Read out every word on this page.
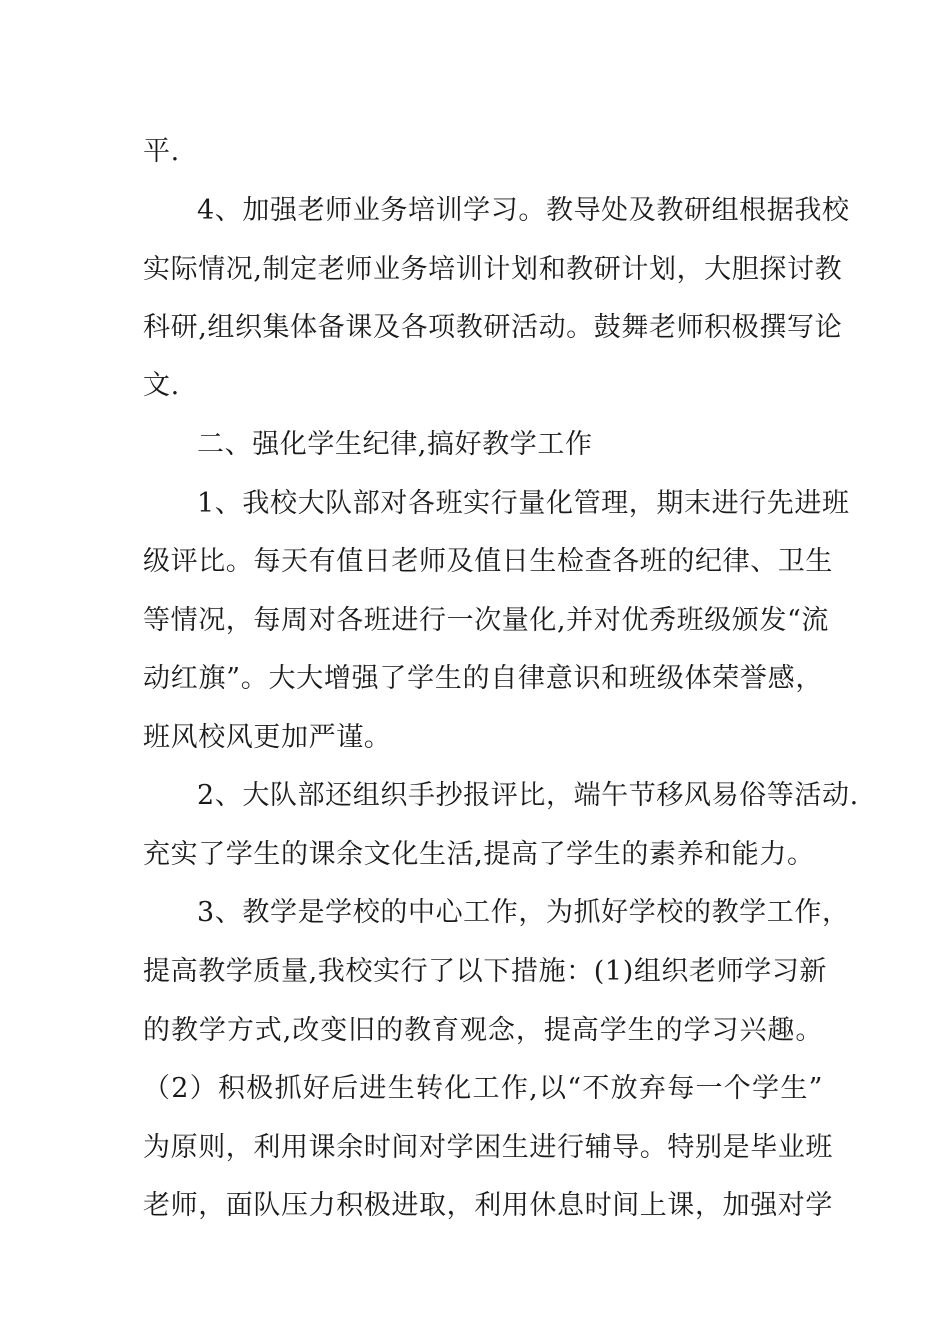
平.
4、加强老师业务培训学习。教导处及教研组根据我校
实际情况,制定老师业务培训计划和教研计划，大胆探讨教
科研,组织集体备课及各项教研活动。鼓舞老师积极撰写论
文.
二、强化学生纪律,搞好教学工作
1、我校大队部对各班实行量化管理，期末进行先进班
级评比。每天有值日老师及值日生检查各班的纪律、卫生
等情况，每周对各班进行一次量化,并对优秀班级颁发“流
动红旗”。大大增强了学生的自律意识和班级体荣誉感，
班风校风更加严谨。
2、大队部还组织手抄报评比，端午节移风易俗等活动.
充实了学生的课余文化生活,提高了学生的素养和能力。
3、教学是学校的中心工作，为抓好学校的教学工作，
提高教学质量,我校实行了以下措施：(1)组织老师学习新
的教学方式,改变旧的教育观念，提高学生的学习兴趣。
（2）积极抓好后进生转化工作,以“不放弃每一个学生”
为原则，利用课余时间对学困生进行辅导。特别是毕业班
老师，面队压力积极进取，利用休息时间上课，加强对学
